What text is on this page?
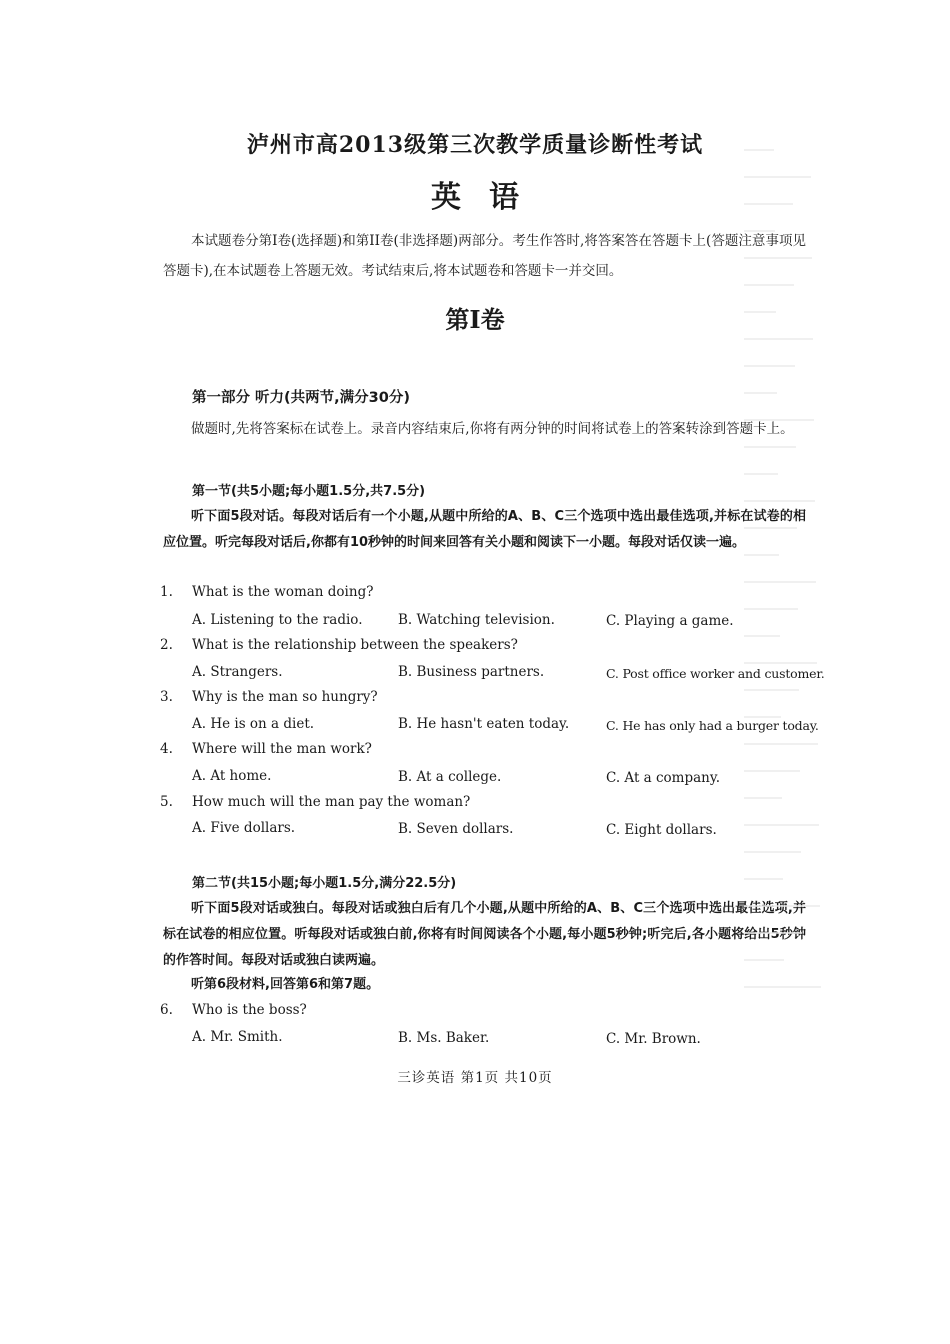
泸州市高2013级第三次教学质量诊断性考试
英语
本试题卷分第I卷(选择题)和第II卷(非选择题)两部分。考生作答时,将答案答在答题卡上(答题注意事项见答题卡),在本试题卷上答题无效。考试结束后,将本试题卷和答题卡一并交回。
第I卷
第一部分 听力(共两节,满分30分)
做题时,先将答案标在试卷上。录音内容结束后,你将有两分钟的时间将试卷上的答案转涂到答题卡上。
第一节(共5小题;每小题1.5分,共7.5分)
听下面5段对话。每段对话后有一个小题,从题中所给的A、B、C三个选项中选出最佳选项,并标在试卷的相应位置。听完每段对话后,你都有10秒钟的时间来回答有关小题和阅读下一小题。每段对话仅读一遍。
1.	What is the woman doing?
A. Listening to the radio.	B. Watching television.	C. Playing a game.
2.	What is the relationship between the speakers?
A. Strangers.	B. Business partners.	C. Post office worker and customer.
3.	Why is the man so hungry?
A. He is on a diet.	B. He hasn't eaten today.	C. He has only had a burger today.
4.	Where will the man work?
A. At home.	B. At a college.	C. At a company.
5.	How much will the man pay the woman?
A. Five dollars.	B. Seven dollars.	C. Eight dollars.
第二节(共15小题;每小题1.5分,满分22.5分)
听下面5段对话或独白。每段对话或独白后有几个小题,从题中所给的A、B、C三个选项中选出最佳选项,并标在试卷的相应位置。听每段对话或独白前,你将有时间阅读各个小题,每小题5秒钟;听完后,各小题将给出5秒钟的作答时间。每段对话或独白读两遍。
听第6段材料,回答第6和第7题。
6.	Who is the boss?
A. Mr. Smith.	B. Ms. Baker.	C. Mr. Brown.
三诊英语 第1页 共10页
